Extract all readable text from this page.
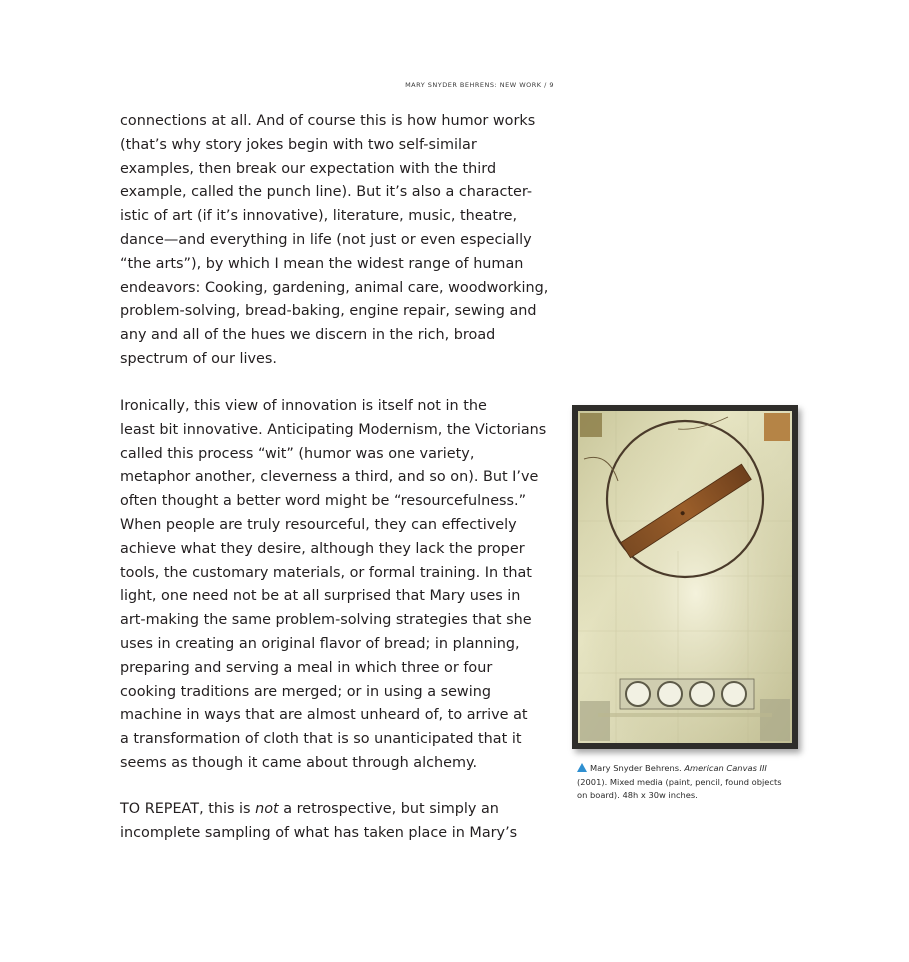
MARY SNYDER BEHRENS: NEW WORK / 9

connections at all. And of course this is how humor works
(that’s why story jokes begin with two self-similar
examples, then break our expectation with the third
example, called the punch line). But it’s also a character-
istic of art (if it’s innovative), literature, music, theatre,
dance—and everything in life (not just or even especially
“the arts”), by which I mean the widest range of human
endeavors: Cooking, gardening, animal care, woodworking,
problem-solving, bread-baking, engine repair, sewing and
any and all of the hues we discern in the rich, broad
spectrum of our lives.

Ironically, this view of innovation is itself not in the
least bit innovative. Anticipating Modernism, the Victorians
called this process “wit” (humor was one variety,
metaphor another, cleverness a third, and so on). But I’ve
often thought a better word might be “resourcefulness.”
When people are truly resourceful, they can effectively
achieve what they desire, although they lack the proper
tools, the customary materials, or formal training. In that
light, one need not be at all surprised that Mary uses in
art-making the same problem-solving strategies that she
uses in creating an original flavor of bread; in planning,
preparing and serving a meal in which three or four
cooking traditions are merged; or in using a sewing
machine in ways that are almost unheard of, to arrive at
a transformation of cloth that is so unanticipated that it
seems as though it came about through alchemy.

TO REPEAT, this is not a retrospective, but simply an
incomplete sampling of what has taken place in Mary’s

Mary Snyder Behrens. American Canvas III
(2001). Mixed media (paint, pencil, found objects
on board). 48h x 30w inches.
